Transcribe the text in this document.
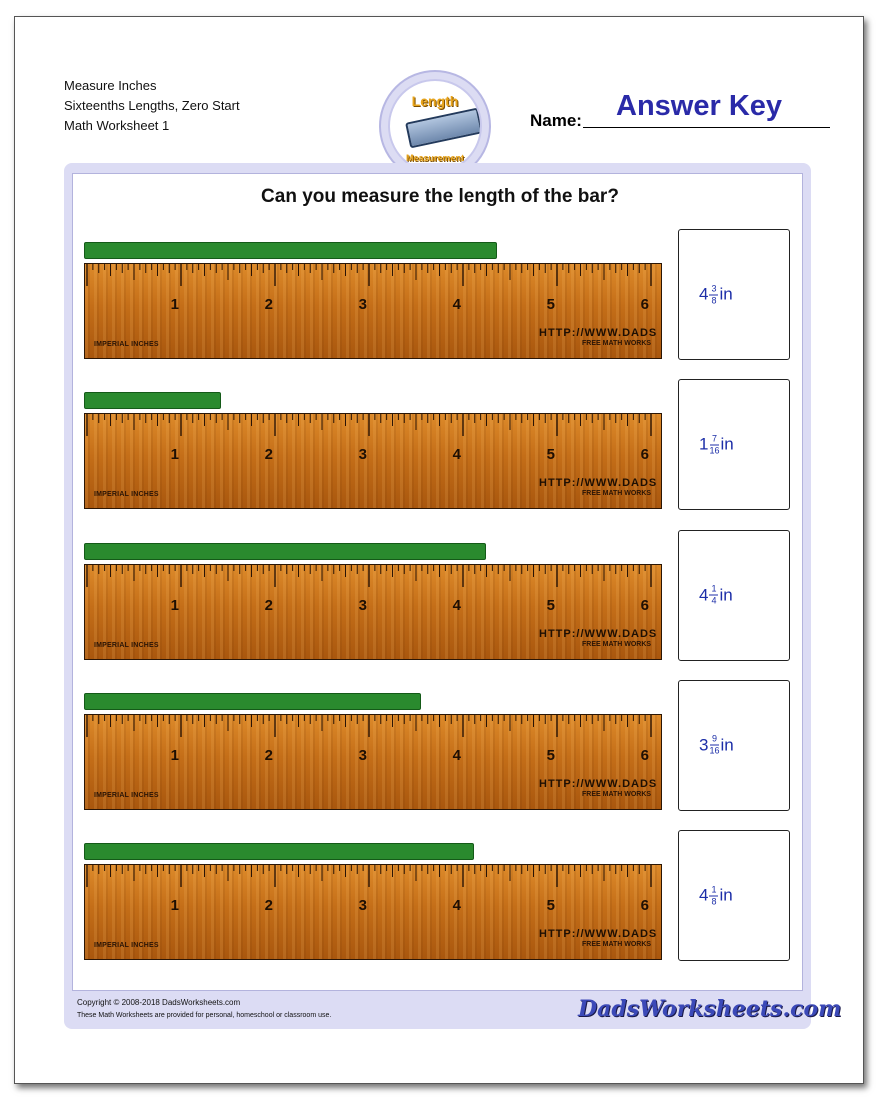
Measure Inches
Sixteenths Lengths, Zero Start
Math Worksheet 1
Length
Measurement
Name: Answer Key
Can you measure the length of the bar?
1	2	3	4	5	6
IMPERIAL INCHES
HTTP://WWW.DADS
FREE MATH WORKS
$4 \frac{3}{8}$ in
1	2	3	4	5	6
IMPERIAL INCHES
HTTP://WWW.DADS
FREE MATH WORKS
$1 \frac{7}{16}$ in
1	2	3	4	5	6
IMPERIAL INCHES
HTTP://WWW.DADS
FREE MATH WORKS
$4 \frac{1}{4}$ in
1	2	3	4	5	6
IMPERIAL INCHES
HTTP://WWW.DADS
FREE MATH WORKS
$3 \frac{9}{16}$ in
1	2	3	4	5	6
IMPERIAL INCHES
HTTP://WWW.DADS
FREE MATH WORKS
$4 \frac{1}{8}$ in
Copyright © 2008-2018 DadsWorksheets.com
These Math Worksheets are provided for personal, homeschool or classroom use.	DadsWorksheets.com
